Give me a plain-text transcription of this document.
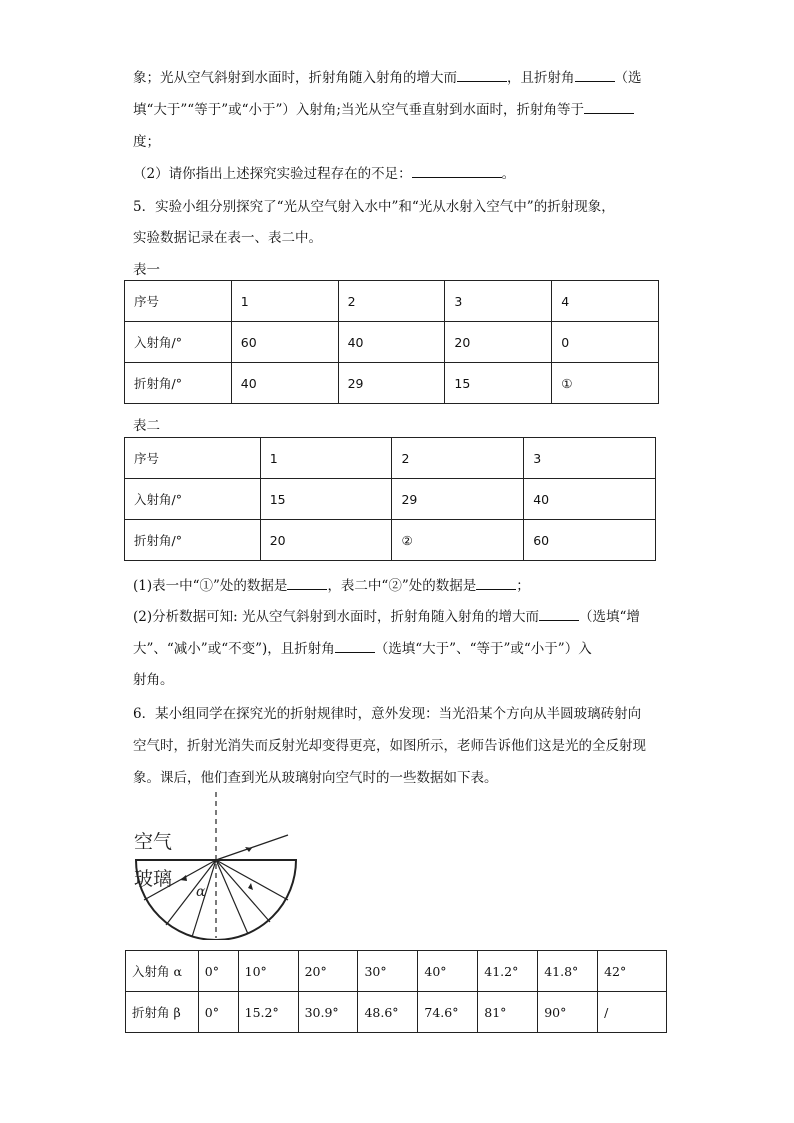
象；光从空气斜射到水面时，折射角随入射角的增大而	，且折射角	（选
填“大于”“等于”或“小于”）入射角;当光从空气垂直射到水面时，折射角等于
度；
（2）请你指出上述探究实验过程存在的不足：	。
5．实验小组分别探究了“光从空气射入水中”和“光从水射入空气中”的折射现象，
实验数据记录在表一、表二中。
表一
序号	1	2	3	4
入射角/°	60	40	20	0
折射角/°	40	29	15	①
表二
序号	1	2	3
入射角/°	15	29	40
折射角/°	20	②	60
(1)表一中“①”处的数据是	，表二中“②”处的数据是	；
(2)分析数据可知: 光从空气斜射到水面时，折射角随入射角的增大而	（选填“增
大”、“减小”或“不变”)，且折射角	（选填“大于”、“等于”或“小于”）入
射角。
6．某小组同学在探究光的折射规律时，意外发现：当光沿某个方向从半圆玻璃砖射向
空气时，折射光消失而反射光却变得更亮，如图所示，老师告诉他们这是光的全反射现
象。课后，他们查到光从玻璃射向空气时的一些数据如下表。
空气
玻璃
α
入射角 α	0°	10°	20°	30°	40°	41.2°	41.8°	42°
折射角 β	0°	15.2°	30.9°	48.6°	74.6°	81°	90°	/
